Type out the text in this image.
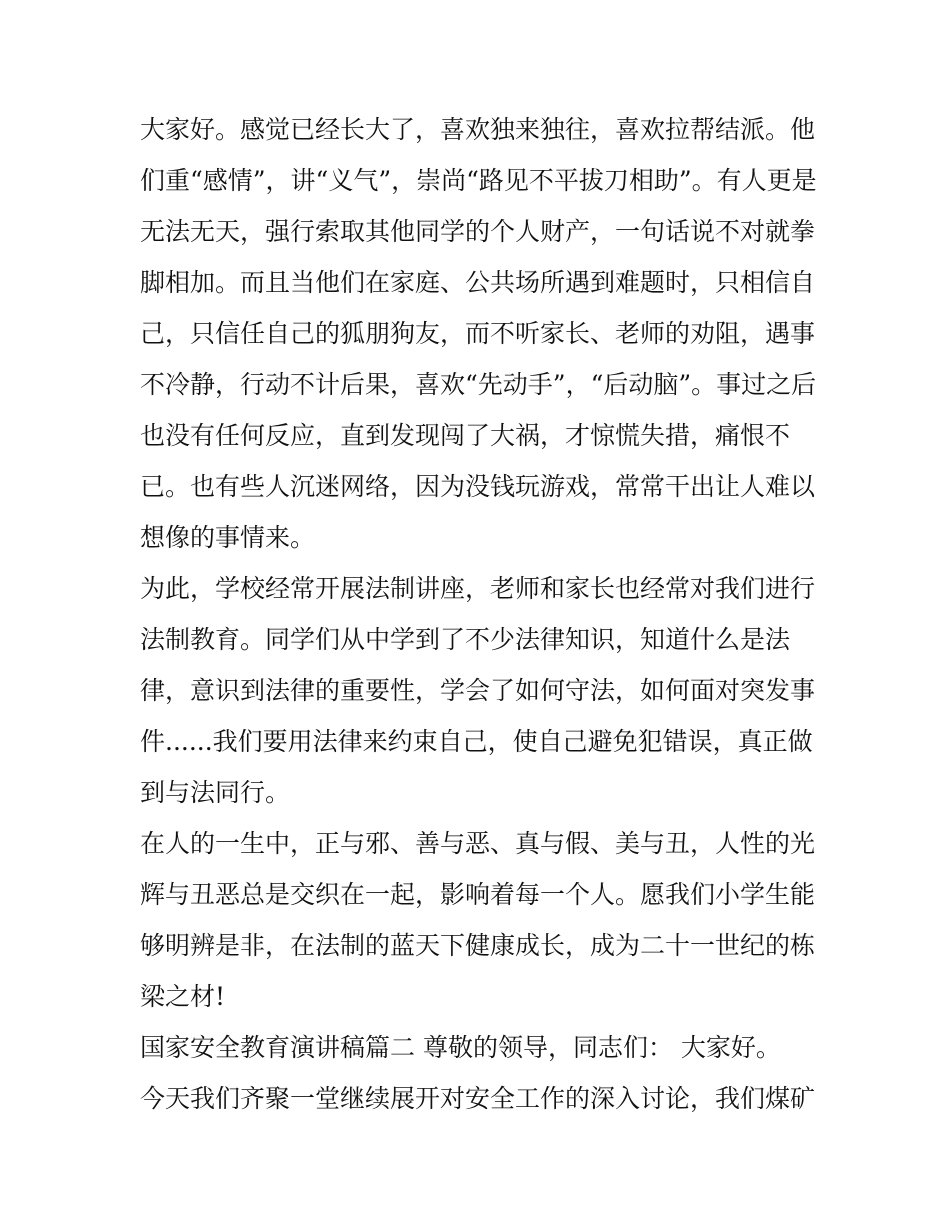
大家好。感觉已经长大了，喜欢独来独往，喜欢拉帮结派。他
们重“感情”，讲“义气”，崇尚“路见不平拔刀相助”。有人更是
无法无天，强行索取其他同学的个人财产，一句话说不对就拳
脚相加。而且当他们在家庭、公共场所遇到难题时，只相信自
己，只信任自己的狐朋狗友，而不听家长、老师的劝阻，遇事
不冷静，行动不计后果，喜欢“先动手”，“后动脑”。事过之后
也没有任何反应，直到发现闯了大祸，才惊慌失措，痛恨不
已。也有些人沉迷网络，因为没钱玩游戏，常常干出让人难以
想像的事情来。
为此，学校经常开展法制讲座，老师和家长也经常对我们进行
法制教育。同学们从中学到了不少法律知识，知道什么是法
律，意识到法律的重要性，学会了如何守法，如何面对突发事
件......我们要用法律来约束自己，使自己避免犯错误，真正做
到与法同行。
在人的一生中，正与邪、善与恶、真与假、美与丑，人性的光
辉与丑恶总是交织在一起，影响着每一个人。愿我们小学生能
够明辨是非，在法制的蓝天下健康成长，成为二十一世纪的栋
梁之材!
国家安全教育演讲稿篇二 尊敬的领导，同志们： 大家好。
今天我们齐聚一堂继续展开对安全工作的深入讨论，我们煤矿
